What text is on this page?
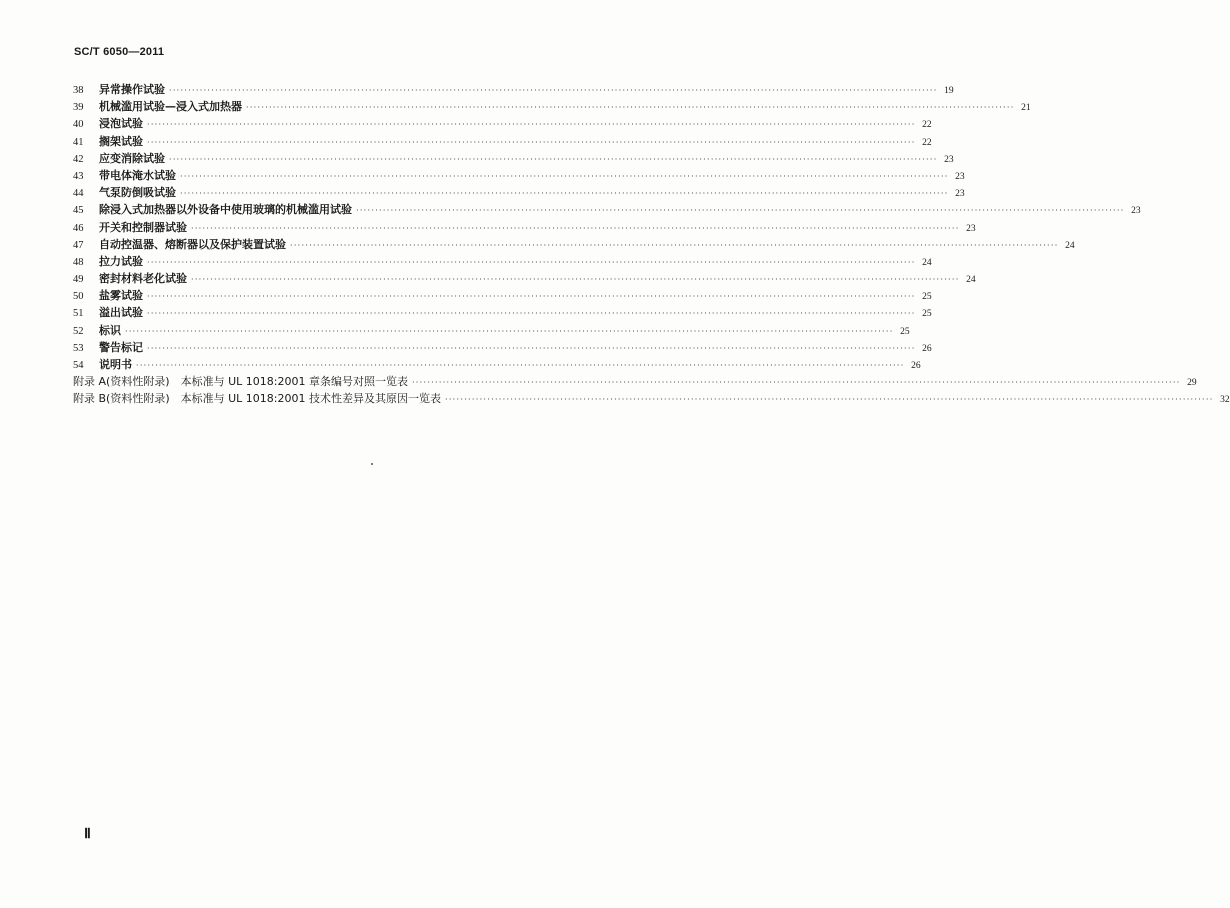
SC/T 6050—2011
38	异常操作试验 ········································································································································································································ 19
39	机械滥用试验—浸入式加热器 ········································································································································································································ 21
40	浸泡试验 ········································································································································································································ 22
41	搁架试验 ········································································································································································································ 22
42	应变消除试验 ········································································································································································································ 23
43	带电体淹水试验 ········································································································································································································ 23
44	气泵防倒吸试验 ········································································································································································································ 23
45	除浸入式加热器以外设备中使用玻璃的机械滥用试验 ········································································································································································································ 23
46	开关和控制器试验 ········································································································································································································ 23
47	自动控温器、熔断器以及保护装置试验 ········································································································································································································ 24
48	拉力试验 ········································································································································································································ 24
49	密封材料老化试验 ········································································································································································································ 24
50	盐雾试验 ········································································································································································································ 25
51	溢出试验 ········································································································································································································ 25
52	标识 ········································································································································································································ 25
53	警告标记 ········································································································································································································ 26
54	说明书 ········································································································································································································ 26
附录 A(资料性附录)　本标准与 UL 1018:2001 章条编号对照一览表 ········································································································································································································ 29
附录 B(资料性附录)　本标准与 UL 1018:2001 技术性差异及其原因一览表 ········································································································································································································ 32
Ⅱ
